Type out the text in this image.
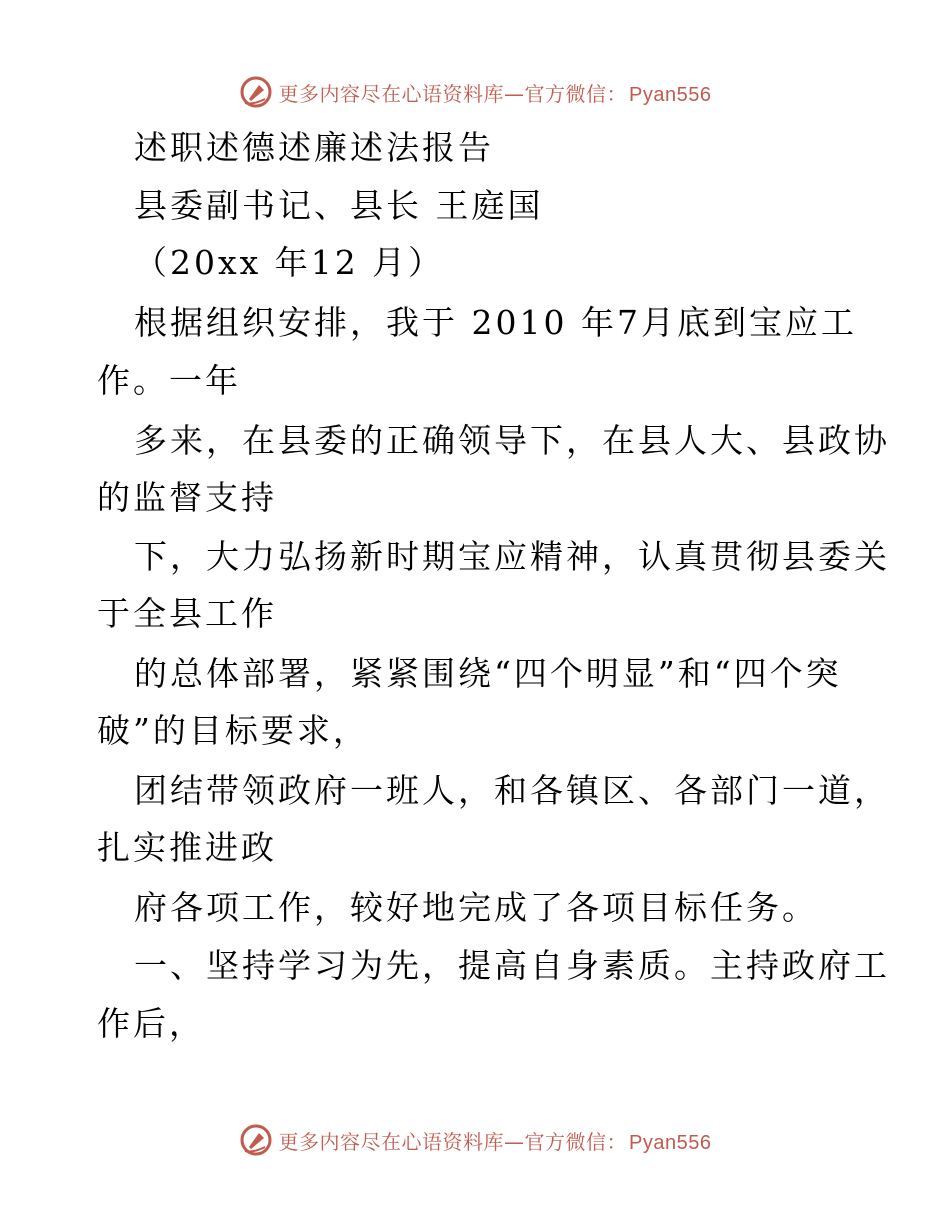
更多内容尽在心语资料库—官方微信： Pyan556
述职述德述廉述法报告
县委副书记、县长 王庭国
（20xx 年12 月）
根据组织安排，我于 2010 年7月底到宝应工
作。一年
多来，在县委的正确领导下，在县人大、县政协
的监督支持
下，大力弘扬新时期宝应精神，认真贯彻县委关
于全县工作
的总体部署，紧紧围绕“四个明显”和“四个突
破”的目标要求，
团结带领政府一班人，和各镇区、各部门一道，
扎实推进政
府各项工作，较好地完成了各项目标任务。
一、坚持学习为先，提高自身素质。主持政府工
作后，
更多内容尽在心语资料库—官方微信： Pyan556
